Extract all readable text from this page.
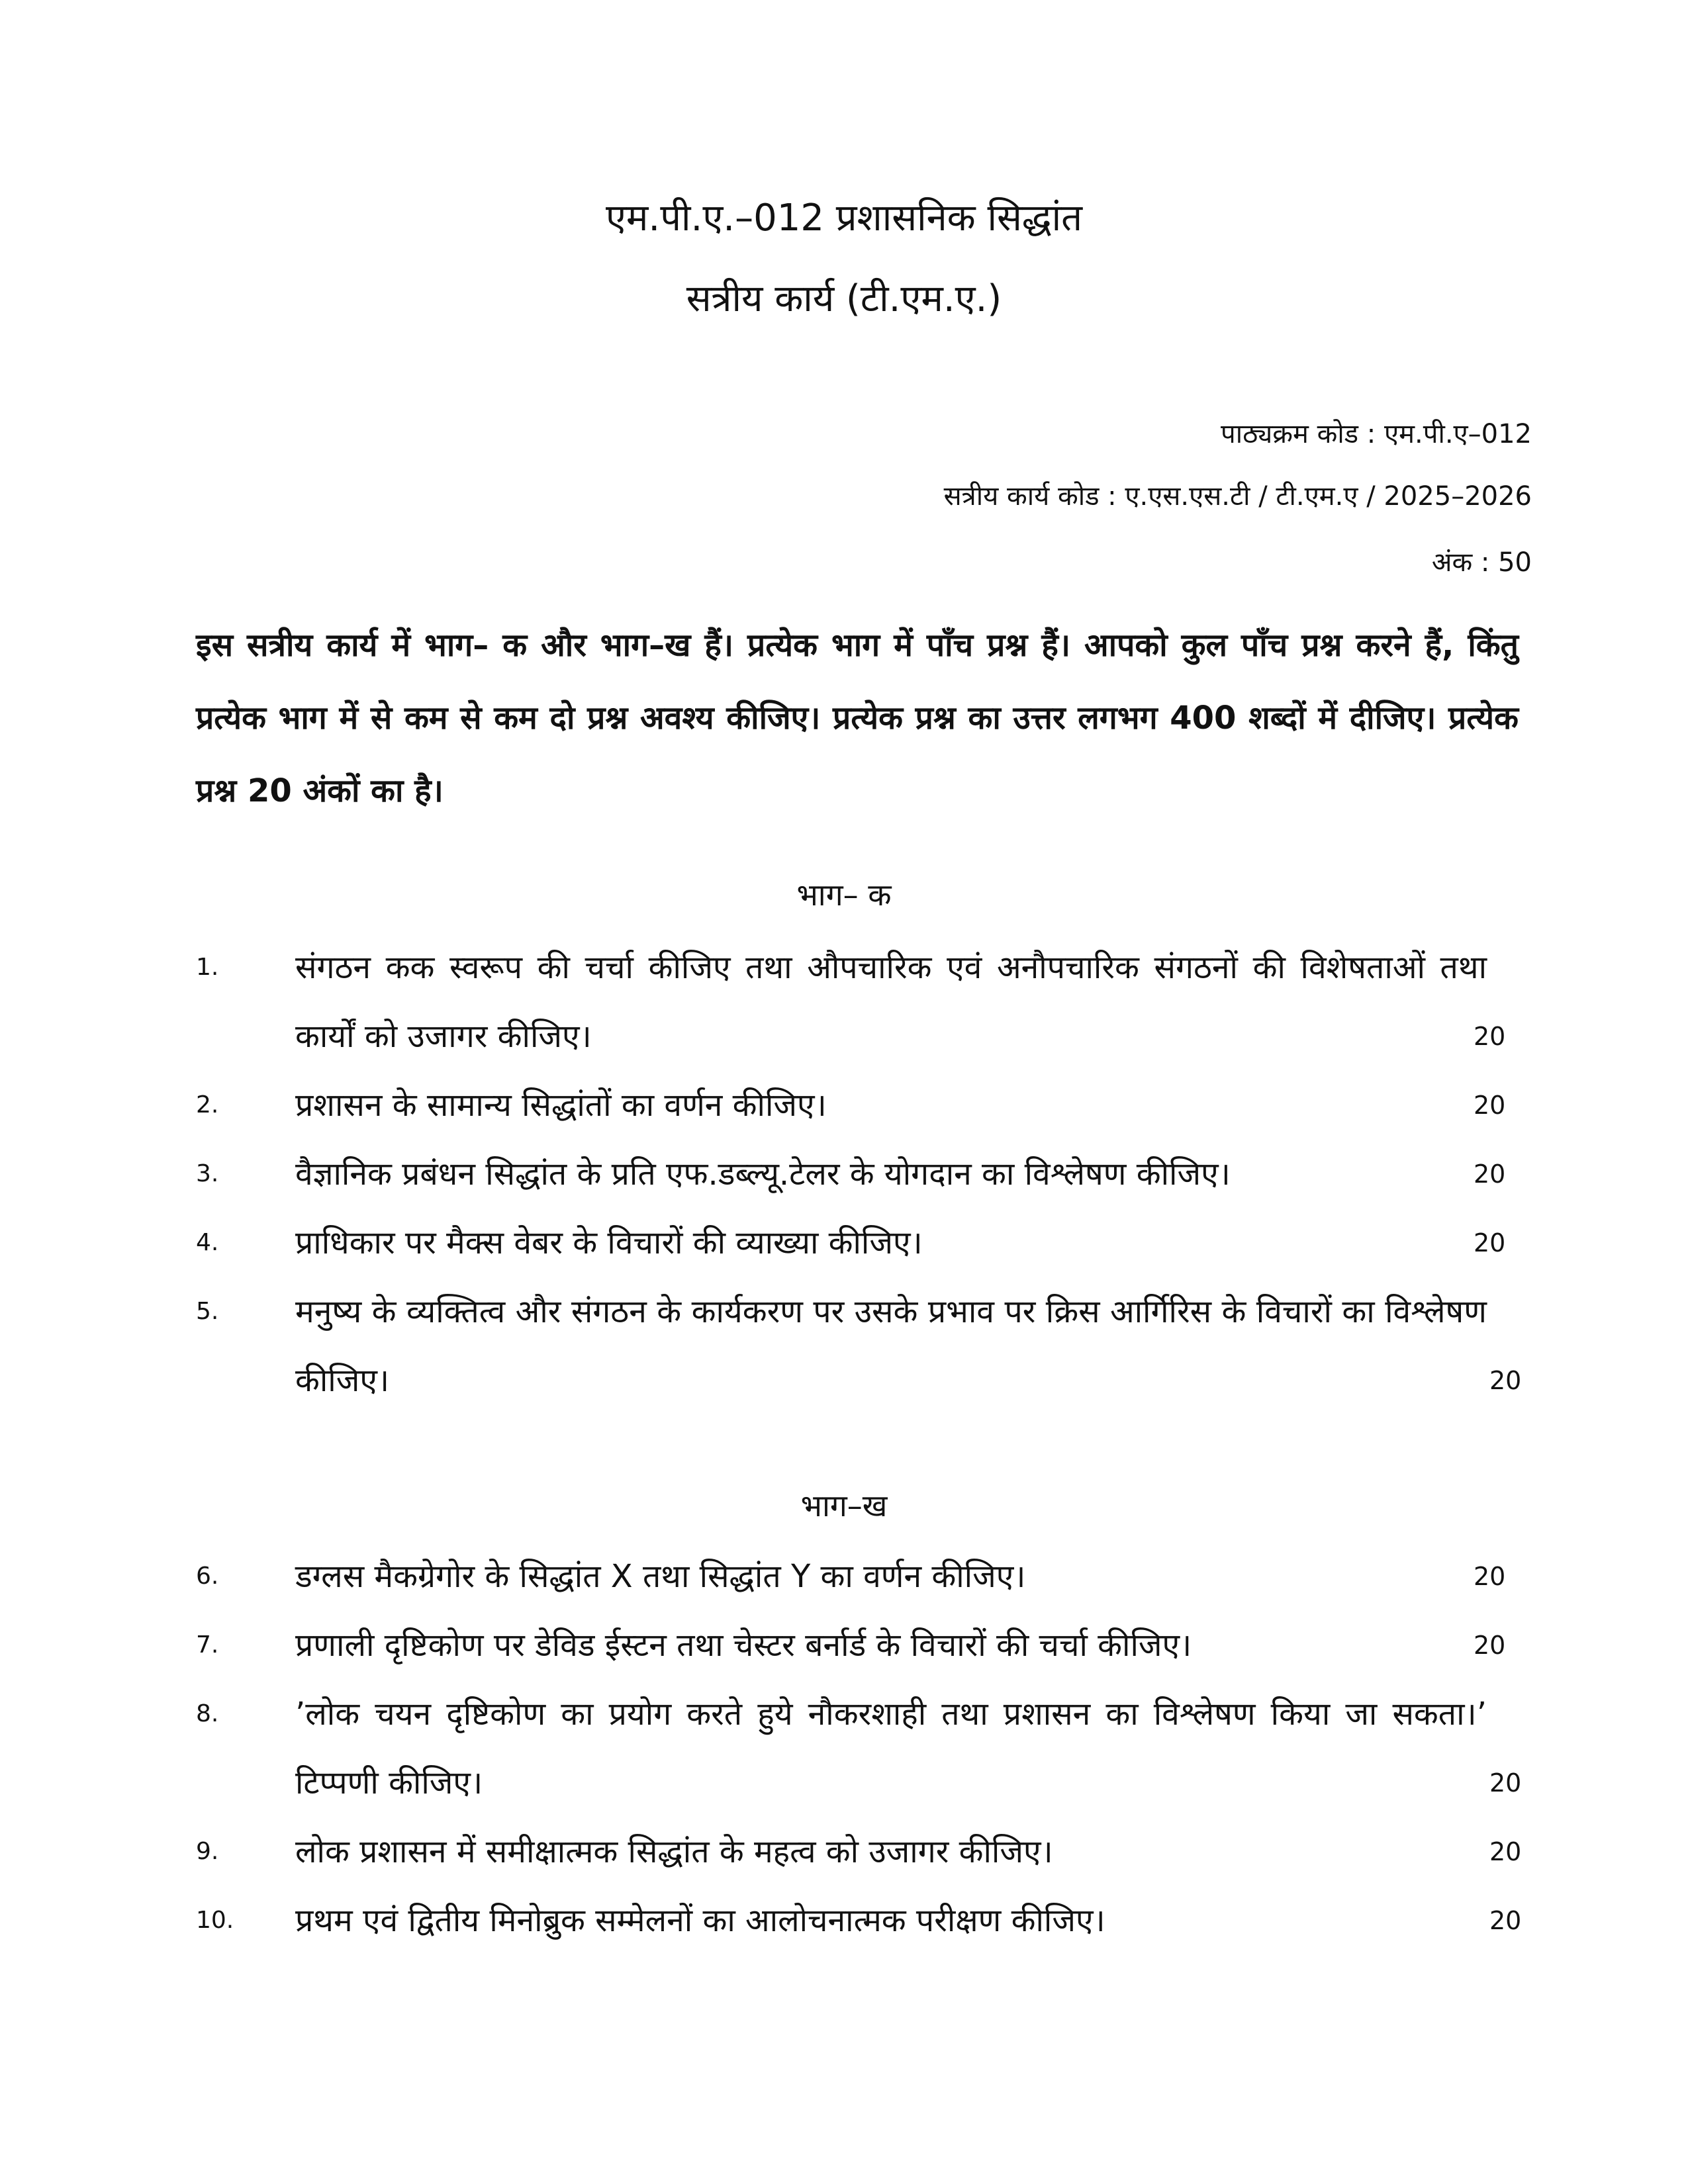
एम.पी.ए.–012 प्रशासनिक सिद्धांत
सत्रीय कार्य (टी.एम.ए.)
पाठ्यक्रम कोड : एम.पी.ए–012
सत्रीय कार्य कोड : ए.एस.एस.टी / टी.एम.ए / 2025–2026
अंक : 50
इस सत्रीय कार्य में भाग– क और भाग–ख हैं। प्रत्येक भाग में पाँच प्रश्न हैं। आपको कुल पाँच प्रश्न करने हैं, किंतु प्रत्येक भाग में से कम से कम दो प्रश्न अवश्य कीजिए। प्रत्येक प्रश्न का उत्तर लगभग 400 शब्दों में दीजिए। प्रत्येक प्रश्न 20 अंकों का है।
भाग– क
1. संगठन कक स्वरूप की चर्चा कीजिए तथा औपचारिक एवं अनौपचारिक संगठनों की विशेषताओं तथा कार्यों को उजागर कीजिए।	20
2. प्रशासन के सामान्य सिद्धांतों का वर्णन कीजिए।	20
3. वैज्ञानिक प्रबंधन सिद्धांत के प्रति एफ.डब्ल्यू.टेलर के योगदान का विश्लेषण कीजिए।	20
4. प्राधिकार पर मैक्स वेबर के विचारों की व्याख्या कीजिए।	20
5. मनुष्य के व्यक्तित्व और संगठन के कार्यकरण पर उसके प्रभाव पर क्रिस आर्गिरिस के विचारों का विश्लेषण कीजिए।	20
भाग–ख
6. डग्लस मैकग्रेगोर के सिद्धांत X तथा सिद्धांत Y का वर्णन कीजिए।	20
7. प्रणाली दृष्टिकोण पर डेविड ईस्टन तथा चेस्टर बर्नार्ड के विचारों की चर्चा कीजिए।	20
8. ’लोक चयन दृष्टिकोण का प्रयोग करते हुये नौकरशाही तथा प्रशासन का विश्लेषण किया जा सकता।’ टिप्पणी कीजिए।	20
9. लोक प्रशासन में समीक्षात्मक सिद्धांत के महत्व को उजागर कीजिए।	20
10. प्रथम एवं द्वितीय मिनोब्रुक सम्मेलनों का आलोचनात्मक परीक्षण कीजिए।	20
